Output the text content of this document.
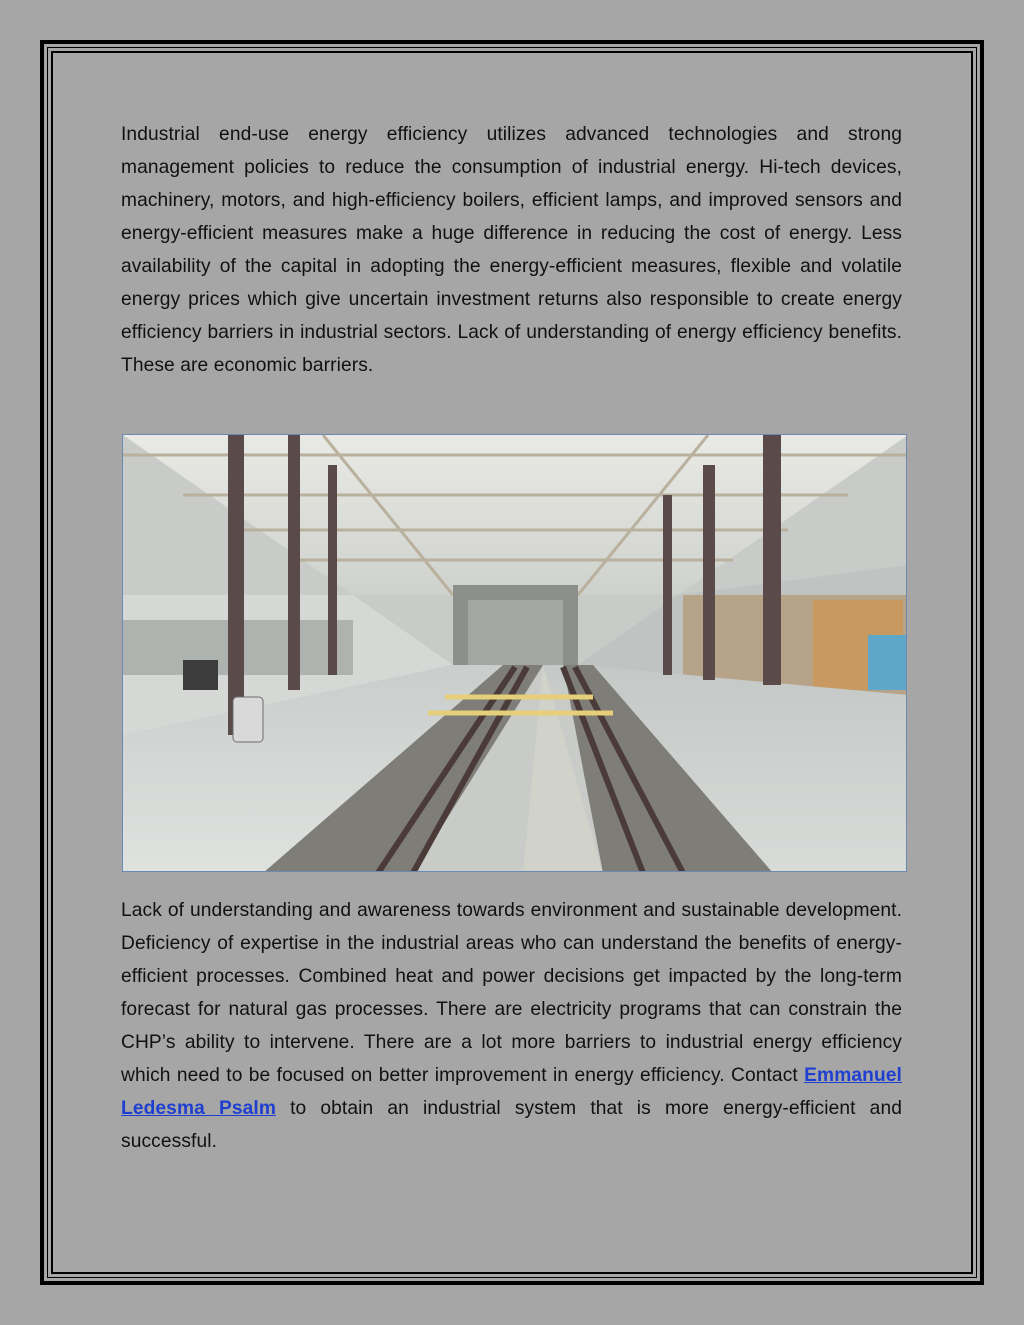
Industrial end-use energy efficiency utilizes advanced technologies and strong management policies to reduce the consumption of industrial energy. Hi-tech devices, machinery, motors, and high-efficiency boilers, efficient lamps, and improved sensors and energy-efficient measures make a huge difference in reducing the cost of energy. Less availability of the capital in adopting the energy-efficient measures, flexible and volatile energy prices which give uncertain investment returns also responsible to create energy efficiency barriers in industrial sectors. Lack of understanding of energy efficiency benefits. These are economic barriers.

Lack of understanding and awareness towards environment and sustainable development. Deficiency of expertise in the industrial areas who can understand the benefits of energy-efficient processes. Combined heat and power decisions get impacted by the long-term forecast for natural gas processes. There are electricity programs that can constrain the CHP’s ability to intervene. There are a lot more barriers to industrial energy efficiency which need to be focused on better improvement in energy efficiency. Contact Emmanuel Ledesma Psalm to obtain an industrial system that is more energy-efficient and successful.
